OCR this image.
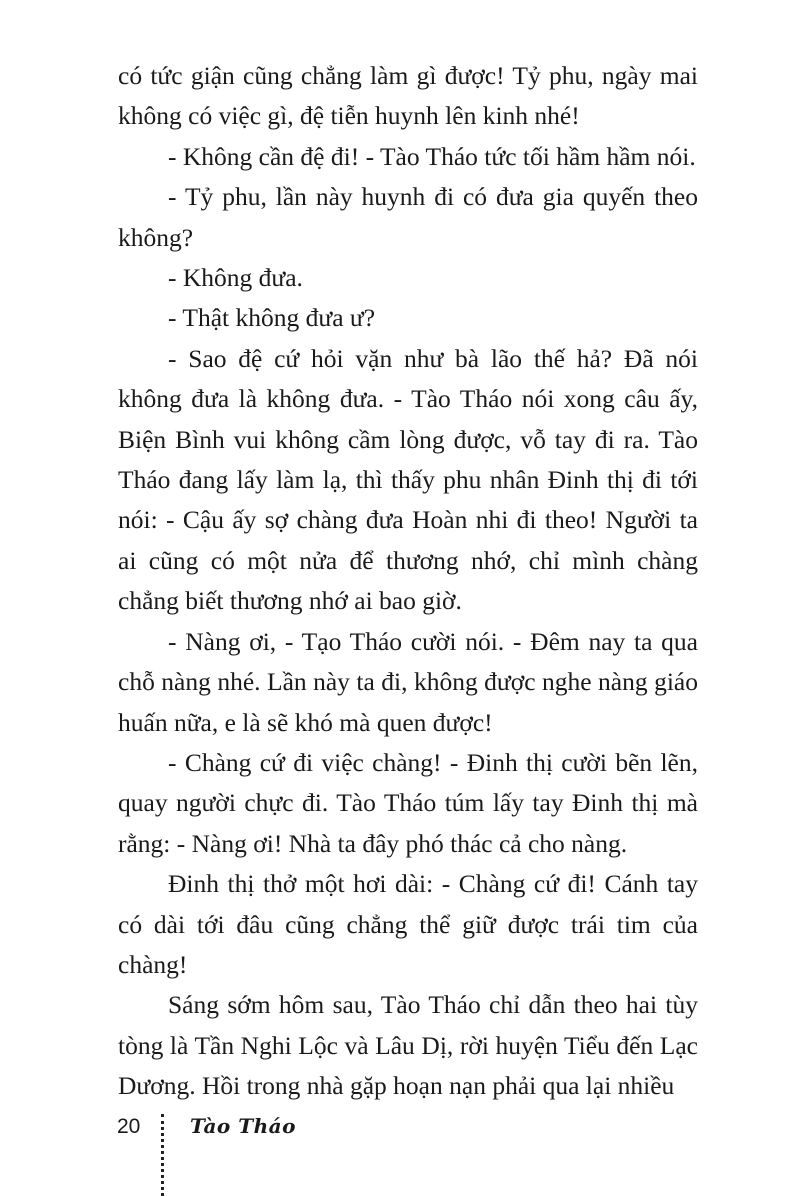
có tức giận cũng chẳng làm gì được! Tỷ phu, ngày mai không có việc gì, đệ tiễn huynh lên kinh nhé!

- Không cần đệ đi! - Tào Tháo tức tối hầm hầm nói.

- Tỷ phu, lần này huynh đi có đưa gia quyến theo không?

- Không đưa.

- Thật không đưa ư?

- Sao đệ cứ hỏi vặn như bà lão thế hả? Đã nói không đưa là không đưa. - Tào Tháo nói xong câu ấy, Biện Bình vui không cầm lòng được, vỗ tay đi ra. Tào Tháo đang lấy làm lạ, thì thấy phu nhân Đinh thị đi tới nói: - Cậu ấy sợ chàng đưa Hoàn nhi đi theo! Người ta ai cũng có một nửa để thương nhớ, chỉ mình chàng chẳng biết thương nhớ ai bao giờ.

- Nàng ơi, - Tạo Tháo cười nói. - Đêm nay ta qua chỗ nàng nhé. Lần này ta đi, không được nghe nàng giáo huấn nữa, e là sẽ khó mà quen được!

- Chàng cứ đi việc chàng! - Đinh thị cười bẽn lẽn, quay người chực đi. Tào Tháo túm lấy tay Đinh thị mà rằng: - Nàng ơi! Nhà ta đây phó thác cả cho nàng.

Đinh thị thở một hơi dài: - Chàng cứ đi! Cánh tay có dài tới đâu cũng chẳng thể giữ được trái tim của chàng!

Sáng sớm hôm sau, Tào Tháo chỉ dẫn theo hai tùy tòng là Tần Nghi Lộc và Lâu Dị, rời huyện Tiểu đến Lạc Dương. Hồi trong nhà gặp hoạn nạn phải qua lại nhiều

20 Tào Tháo
